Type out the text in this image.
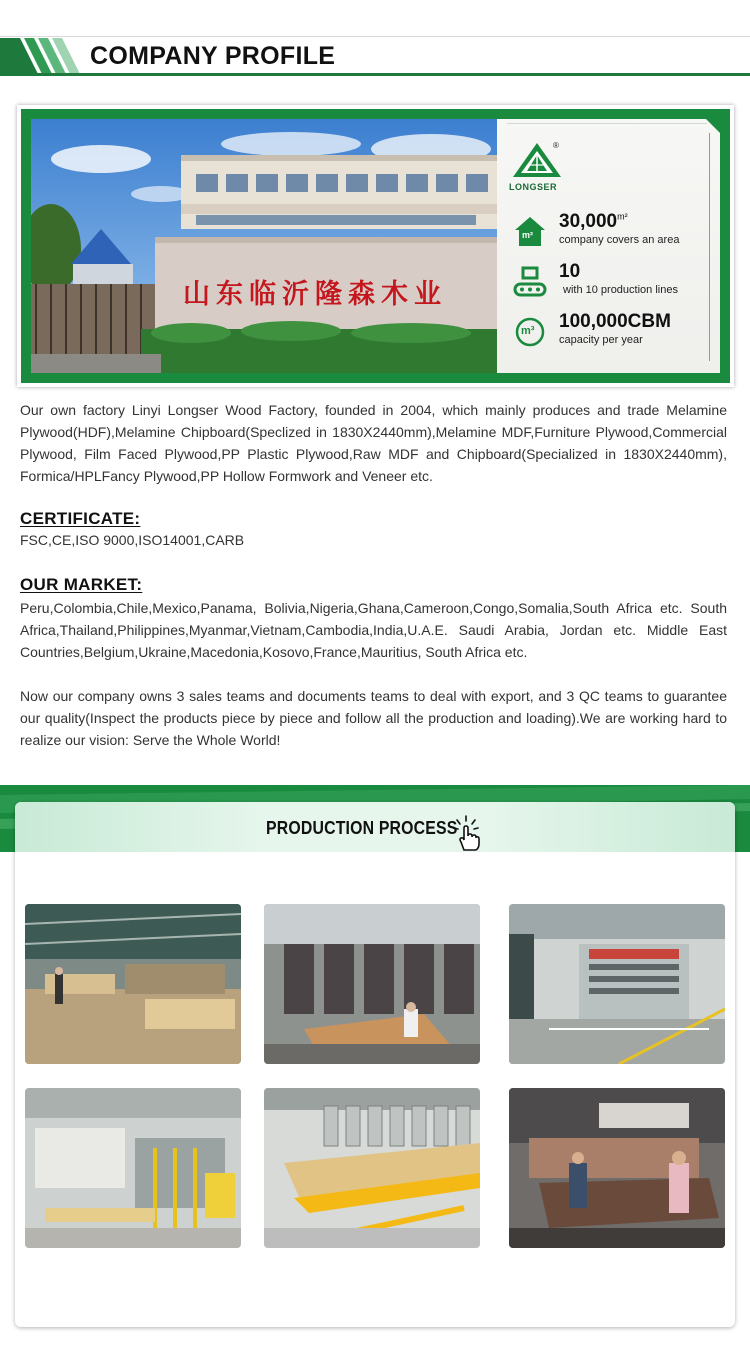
COMPANY PROFILE
山东临沂隆森木业
®
LONGSER
m²
$30,000^{m^2}$
company covers an area
10
with 10 production lines
m³ 100,000CBM
capacity per year

Our own factory Linyi Longser Wood Factory, founded in 2004, which mainly produces and trade Melamine Plywood(HDF),Melamine Chipboard(Speclized in 1830X2440mm),Melamine MDF,Furniture Plywood,Commercial Plywood, Film Faced Plywood,PP Plastic Plywood,Raw MDF and Chipboard(Specialized in 1830X2440mm), Formica/HPLFancy Plywood,PP Hollow Formwork and Veneer etc.

CERTIFICATE:
FSC,CE,ISO 9000,ISO14001,CARB
OUR MARKET:

Peru,Colombia,Chile,Mexico,Panama, Bolivia,Nigeria,Ghana,Cameroon,Congo,Somalia,South Africa etc. South Africa,Thailand,Philippines,Myanmar,Vietnam,Cambodia,India,U.A.E. Saudi Arabia, Jordan etc. Middle East Countries,Belgium,Ukraine,Macedonia,Kosovo,France,Mauritius, South Africa etc.

Now our company owns 3 sales teams and documents teams to deal with export, and 3 QC teams to guarantee our quality(Inspect the products piece by piece and follow all the production and loading).We are working hard to realize our vision: Serve the Whole World!

PRODUCTION PROCESS
